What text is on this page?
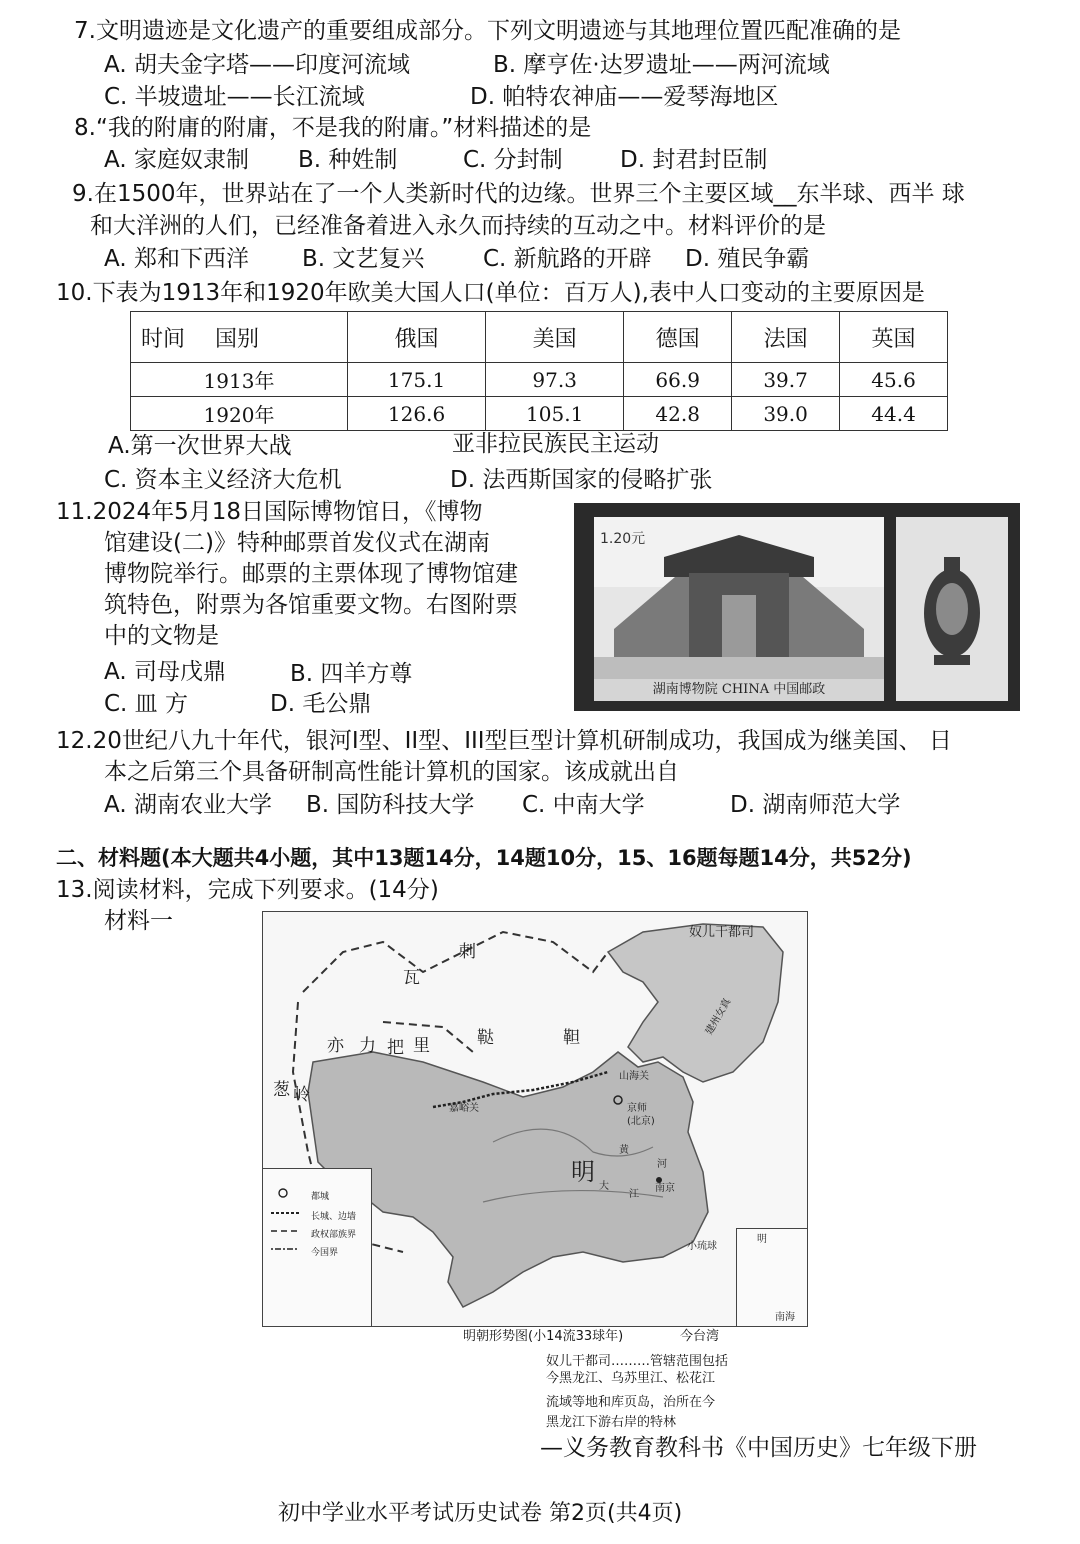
7.文明遗迹是文化遗产的重要组成部分。下列文明遗迹与其地理位置匹配准确的是
A. 胡夫金字塔——印度河流域	B. 摩亨佐·达罗遗址——两河流域
C. 半坡遗址——长江流域	D. 帕特农神庙——爱琴海地区
8.“我的附庸的附庸，不是我的附庸。”材料描述的是
A. 家庭奴隶制 B. 种姓制	C. 分封制 D. 封君封臣制
9.在1500年，世界站在了一个人类新时代的边缘。世界三个主要区域__东半球、西半 球
和大洋洲的人们，已经准备着进入永久而持续的互动之中。材料评价的是
A. 郑和下西洋 B. 文艺复兴	C. 新航路的开辟 D. 殖民争霸
10.下表为1913年和1920年欧美大国人口(单位：百万人),表中人口变动的主要原因是
时间 国别	俄国	美国	德国	法国	英国
1913年	175.1	97.3	66.9	39.7	45.6
1920年	126.6	105.1	42.8	39.0	44.4
A.第一次世界大战	亚非拉民族民主运动
C. 资本主义经济大危机	D. 法西斯国家的侵略扩张
11.2024年5月18日国际博物馆日，《博物
馆建设(二)》特种邮票首发仪式在湖南
博物院举行。邮票的主票体现了博物馆建
筑特色，附票为各馆重要文物。右图附票
中的文物是
A. 司母戊鼎	B. 四羊方尊
C. 皿 方	D. 毛公鼎
1.20元
湖南博物院 CHINA 中国邮政
12.20世纪八九十年代，银河I型、II型、III型巨型计算机研制成功，我国成为继美国、 日
本之后第三个具备研制高性能计算机的国家。该成就出自
A. 湖南农业大学 B. 国防科技大学 C. 中南大学	D. 湖南师范大学
二、材料题(本大题共4小题，其中13题14分，14题10分，15、16题每题14分，共52分)
13.阅读材料，完成下列要求。(14分)
材料一	奴儿干都司
瓦
剌
亦 力 把 里	鞑	靼
葱 岭
嘉峪关
山海关
京师
(北京)
南京
黄
河
大
江
明
建州女真
小琉球
都城
长城、边墙
政权部族界
今国界
明
南海
明朝形势图(小14流33球年)	今台湾
奴儿干都司………管辖范围包括
今黑龙江、乌苏里江、松花江
流域等地和库页岛，治所在今
黑龙江下游右岸的特林
—义务教育教科书《中国历史》七年级下册
初中学业水平考试历史试卷 第2页(共4页)
